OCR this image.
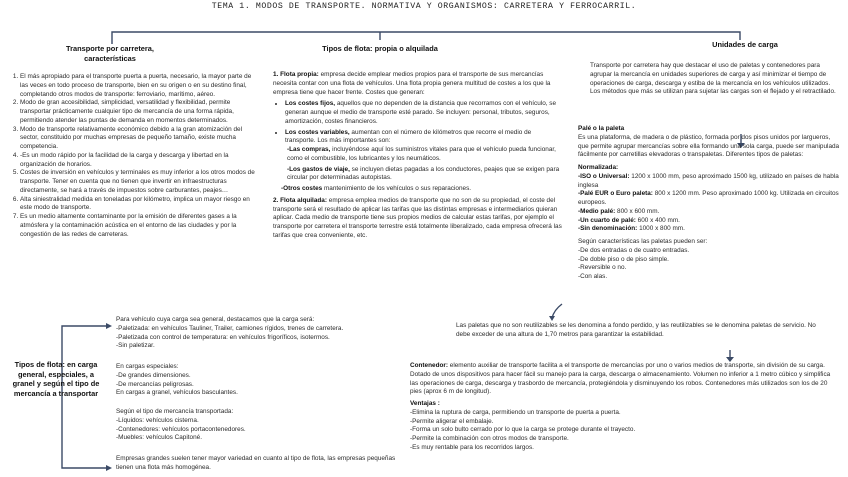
TEMA 1. MODOS DE TRANSPORTE. NORMATIVA Y ORGANISMOS: CARRETERA Y FERROCARRIL.
Transporte por carretera, características
1. El más apropiado para el transporte puerta a puerta, necesario, la mayor parte de las veces en todo proceso de transporte, bien en su origen o en su destino final, completando otros modos de transporte: ferroviario, marítimo, aéreo.
2. Modo de gran accesibilidad, simplicidad, versatilidad y flexibilidad, permite transportar prácticamente cualquier tipo de mercancía de una forma rápida, permitiendo atender las puntas de demanda en momentos determinados.
3. Modo de transporte relativamente económico debido a la gran atomización del sector, constituido por muchas empresas de pequeño tamaño, existe mucha competencia.
4. -Es un modo rápido por la facilidad de la carga y descarga y libertad en la organización de horarios.
5. Costes de inversión en vehículos y terminales es muy inferior a los otros modos de transporte. Tener en cuenta que no tienen que invertir en infraestructuras directamente, se hará a través de impuestos sobre carburantes, peajes…
6. Alta siniestralidad medida en toneladas por kilómetro, implica un mayor riesgo en este modo de transporte.
7. Es un medio altamente contaminante por la emisión de diferentes gases a la atmósfera y la contaminación acústica en el entorno de las ciudades y por la congestión de las redes de carreteras.
Tipos de flota: propia o alquilada

1. Flota propia: empresa decide emplear medios propios para el transporte de sus mercancías necesita contar con una flota de vehículos. Una flota propia genera multitud de costes a los que la empresa tiene que hacer frente. Costes que generan:

• Los costes fijos, aquellos que no dependen de la distancia que recorramos con el vehículo, se generan aunque el medio de transporte esté parado. Se incluyen: personal, tributos, seguros, amortización, costes financieros.
• Los costes variables, aumentan con el número de kilómetros que recorre el medio de transporte. Los más importantes son:

-Las compras, incluyéndose aquí los suministros vitales para que el vehículo pueda funcionar, como el combustible, los lubricantes y los neumáticos.

-Los gastos de viaje, se incluyen dietas pagadas a los conductores, peajes que se exigen para circular por determinadas autopistas.

-Otros costes mantenimiento de los vehículos o sus reparaciones.

2. Flota alquilada: empresa emplea medios de transporte que no son de su propiedad, el coste del transporte será el resultado de aplicar las tarifas que las distintas empresas e intermediarios quieran aplicar. Cada medio de transporte tiene sus propios medios de calcular estas tarifas, por ejemplo el transporte por carretera el transporte terrestre está totalmente liberalizado, cada empresa ofrecerá las tarifas que crea conveniente, etc.

Unidades de carga
Transporte por carretera hay que destacar el uso de paletas y contenedores para agrupar la mercancía en unidades superiores de carga y así minimizar el tiempo de operaciones de carga, descarga y estiba de la mercancía en los vehículos utilizados. Los métodos que más se utilizan para sujetar las cargas son el flejado y el retractilado.

Palé o la paleta

Es una plataforma, de madera o de plástico, formada por dos pisos unidos por largueros, que permite agrupar mercancías sobre ella formando una sola carga, puede ser manipulada fácilmente por carretillas elevadoras o transpaletas. Diferentes tipos de paletas:

Normalizada:

-ISO o Universal: 1200 x 1000 mm, peso aproximado 1500 kg, utilizado en países de habla inglesa

-Palé EUR o Euro paleta: 800 x 1200 mm. Peso aproximado 1000 kg. Utilizada en circuitos europeos.

-Medio palé: 800 x 600 mm.

-Un cuarto de palé: 600 x 400 mm.

-Sin denominación: 1000 x 800 mm.

Según características las paletas pueden ser:

-De dos entradas o de cuatro entradas.

-De doble piso o de piso simple.

-Reversible o no.

-Con alas.

Las paletas que no son reutilizables se les denomina a fondo perdido, y las reutilizables se le denomina paletas de servicio. No debe exceder de una altura de 1,70 metros para garantizar la estabilidad.

Contenedor: elemento auxiliar de transporte facilita a el transporte de mercancías por uno o varios medios de transporte, sin división de su carga. Dotado de unos dispositivos para hacer fácil su manejo para la carga, descarga o almacenamiento. Volumen no inferior a 1 metro cúbico y simplifica las operaciones de carga, descarga y trasbordo de mercancía, protegiéndola y disminuyendo los robos. Contenedores más utilizados son los de 20 pies (aprox 6 m de longitud).

Ventajas :

-Elimina la ruptura de carga, permitiendo un transporte de puerta a puerta.

-Permite aligerar el embalaje.

-Forma un solo bulto cerrado por lo que la carga se protege durante el trayecto.

-Permite la combinación con otros modos de transporte.

-Es muy rentable para los recorridos largos.

Tipos de flota: en carga general, especiales, a granel y según el tipo de mercancía a transportar

Para vehículo cuya carga sea general, destacamos que la carga será:

-Paletizada: en vehículos Tauliner, Trailer, camiones rígidos, trenes de carretera.

-Paletizada con control de temperatura: en vehículos frigoríficos, isotermos.

-Sin paletizar.

En cargas especiales:

-De grandes dimensiones.

-De mercancías peligrosas.

En cargas a granel, vehículos basculantes.

Según el tipo de mercancía transportada:

-Líquidos: vehículos cisterna.

-Contenedores: vehículos portacontenedores.

-Muebles: vehículos Capitoné.

Empresas grandes suelen tener mayor variedad en cuanto al tipo de flota, las empresas pequeñas tienen una flota más homogénea.
